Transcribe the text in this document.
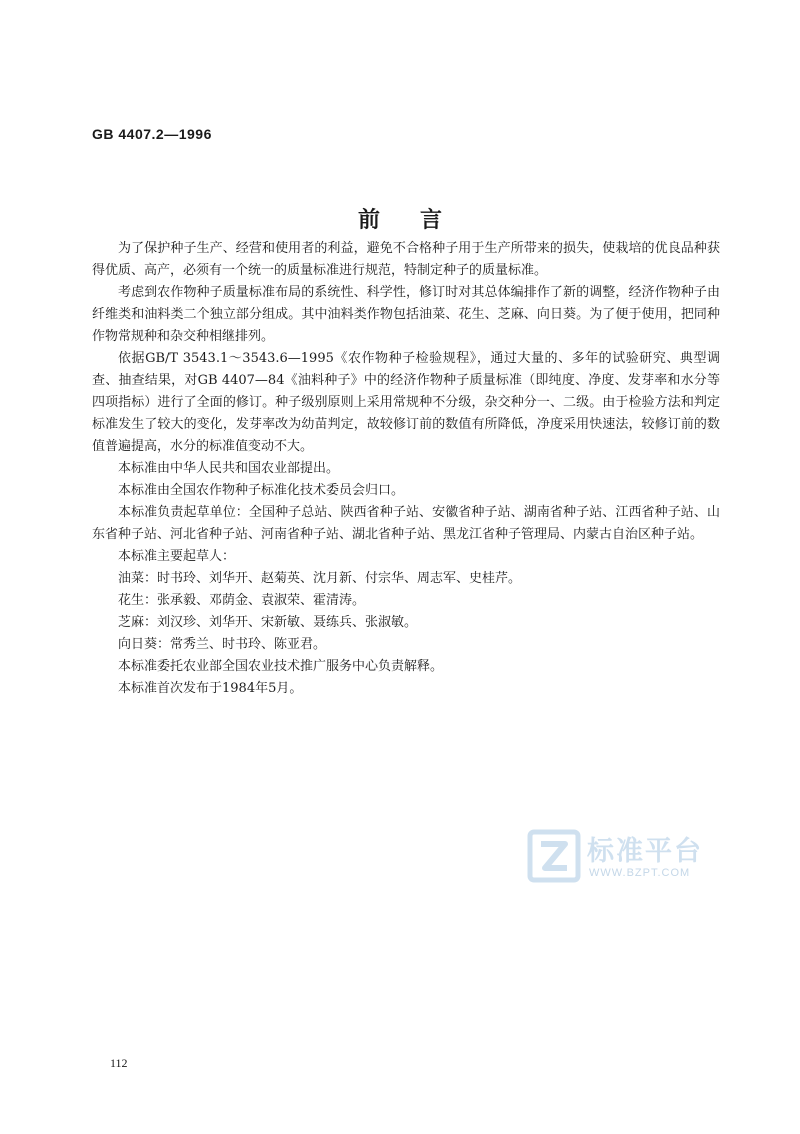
GB 4407.2—1996
前言

为了保护种子生产、经营和使用者的利益，避免不合格种子用于生产所带来的损失，使栽培的优良品种获得优质、高产，必须有一个统一的质量标准进行规范，特制定种子的质量标准。

考虑到农作物种子质量标准布局的系统性、科学性，修订时对其总体编排作了新的调整，经济作物种子由纤维类和油料类二个独立部分组成。其中油料类作物包括油菜、花生、芝麻、向日葵。为了便于使用，把同种作物常规种和杂交种相继排列。

依据GB/T 3543.1～3543.6—1995《农作物种子检验规程》，通过大量的、多年的试验研究、典型调查、抽查结果，对GB 4407—84《油料种子》中的经济作物种子质量标准（即纯度、净度、发芽率和水分等四项指标）进行了全面的修订。种子级别原则上采用常规种不分级，杂交种分一、二级。由于检验方法和判定标准发生了较大的变化，发芽率改为幼苗判定，故较修订前的数值有所降低，净度采用快速法，较修订前的数值普遍提高，水分的标准值变动不大。

本标准由中华人民共和国农业部提出。

本标准由全国农作物种子标准化技术委员会归口。

本标准负责起草单位：全国种子总站、陕西省种子站、安徽省种子站、湖南省种子站、江西省种子站、山东省种子站、河北省种子站、河南省种子站、湖北省种子站、黑龙江省种子管理局、内蒙古自治区种子站。

本标准主要起草人：

油菜：时书玲、刘华开、赵菊英、沈月新、付宗华、周志军、史桂芹。

花生：张承毅、邓荫金、袁淑荣、霍清涛。

芝麻：刘汉珍、刘华开、宋新敏、聂练兵、张淑敏。

向日葵：常秀兰、时书玲、陈亚君。

本标准委托农业部全国农业技术推广服务中心负责解释。

本标准首次发布于1984年5月。

标准平台
WWW.BZPT.COM
112
